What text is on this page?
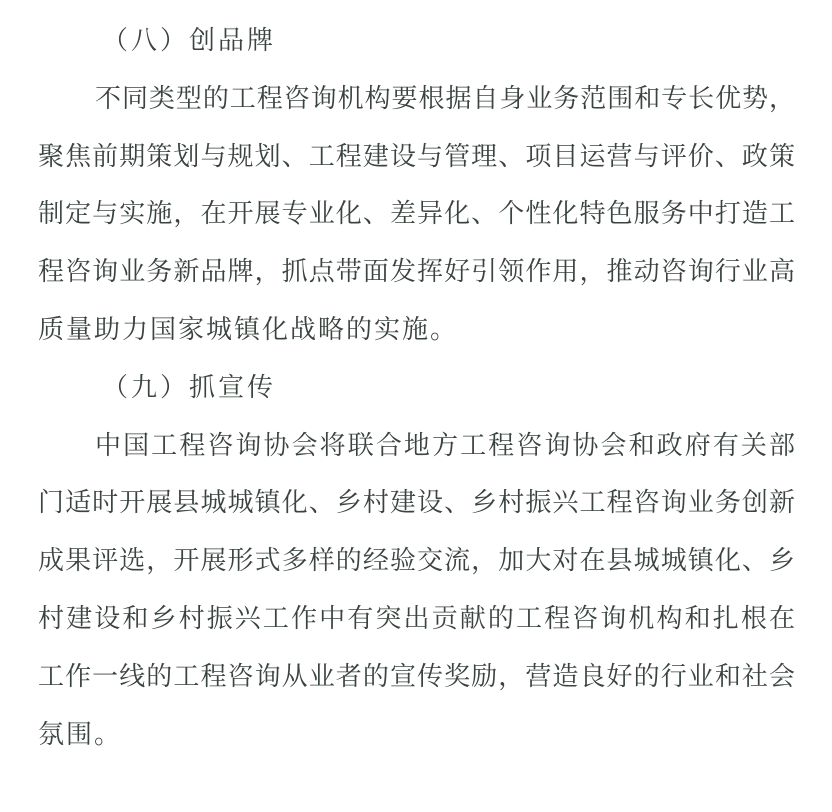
（八）创品牌
不同类型的工程咨询机构要根据自身业务范围和专长优势，
聚焦前期策划与规划、工程建设与管理、项目运营与评价、政策
制定与实施，在开展专业化、差异化、个性化特色服务中打造工
程咨询业务新品牌，抓点带面发挥好引领作用，推动咨询行业高
质量助力国家城镇化战略的实施。
（九）抓宣传
中国工程咨询协会将联合地方工程咨询协会和政府有关部
门适时开展县城城镇化、乡村建设、乡村振兴工程咨询业务创新
成果评选，开展形式多样的经验交流，加大对在县城城镇化、乡
村建设和乡村振兴工作中有突出贡献的工程咨询机构和扎根在
工作一线的工程咨询从业者的宣传奖励，营造良好的行业和社会
氛围。
